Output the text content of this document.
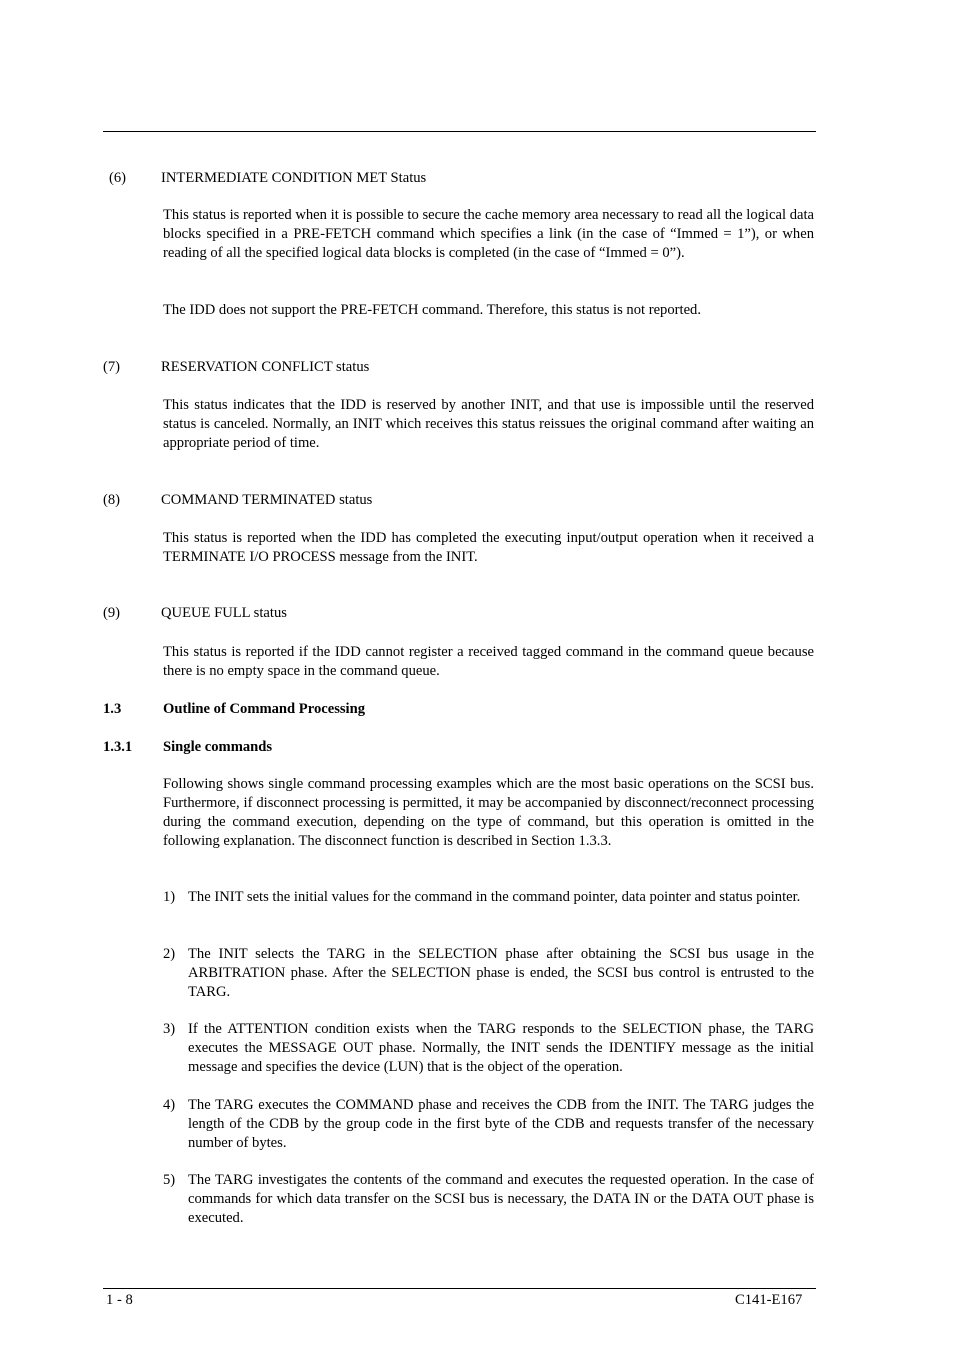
(6) INTERMEDIATE CONDITION MET Status
This status is reported when it is possible to secure the cache memory area necessary to read all the logical data blocks specified in a PRE-FETCH command which specifies a link (in the case of “Immed = 1”), or when reading of all the specified logical data blocks is completed (in the case of “Immed = 0”).
The IDD does not support the PRE-FETCH command. Therefore, this status is not reported.
(7)	RESERVATION CONFLICT status
This status indicates that the IDD is reserved by another INIT, and that use is impossible until the reserved status is canceled. Normally, an INIT which receives this status reissues the original command after waiting an appropriate period of time.
(8)	COMMAND TERMINATED status
This status is reported when the IDD has completed the executing input/output operation when it received a TERMINATE I/O PROCESS message from the INIT.
(9)	QUEUE FULL status
This status is reported if the IDD cannot register a received tagged command in the command queue because there is no empty space in the command queue.
1.3	Outline of Command Processing
1.3.1 Single commands
Following shows single command processing examples which are the most basic operations on the SCSI bus. Furthermore, if disconnect processing is permitted, it may be accompanied by disconnect/reconnect processing during the command execution, depending on the type of command, but this operation is omitted in the following explanation. The disconnect function is described in Section 1.3.3.
1) The INIT sets the initial values for the command in the command pointer, data pointer and status pointer.
2) The INIT selects the TARG in the SELECTION phase after obtaining the SCSI bus usage in the ARBITRATION phase. After the SELECTION phase is ended, the SCSI bus control is entrusted to the TARG.
3) If the ATTENTION condition exists when the TARG responds to the SELECTION phase, the TARG executes the MESSAGE OUT phase. Normally, the INIT sends the IDENTIFY message as the initial message and specifies the device (LUN) that is the object of the operation.
4) The TARG executes the COMMAND phase and receives the CDB from the INIT. The TARG judges the length of the CDB by the group code in the first byte of the CDB and requests transfer of the necessary number of bytes.
5) The TARG investigates the contents of the command and executes the requested operation. In the case of commands for which data transfer on the SCSI bus is necessary, the DATA IN or the DATA OUT phase is executed.
1 - 8	C141-E167
